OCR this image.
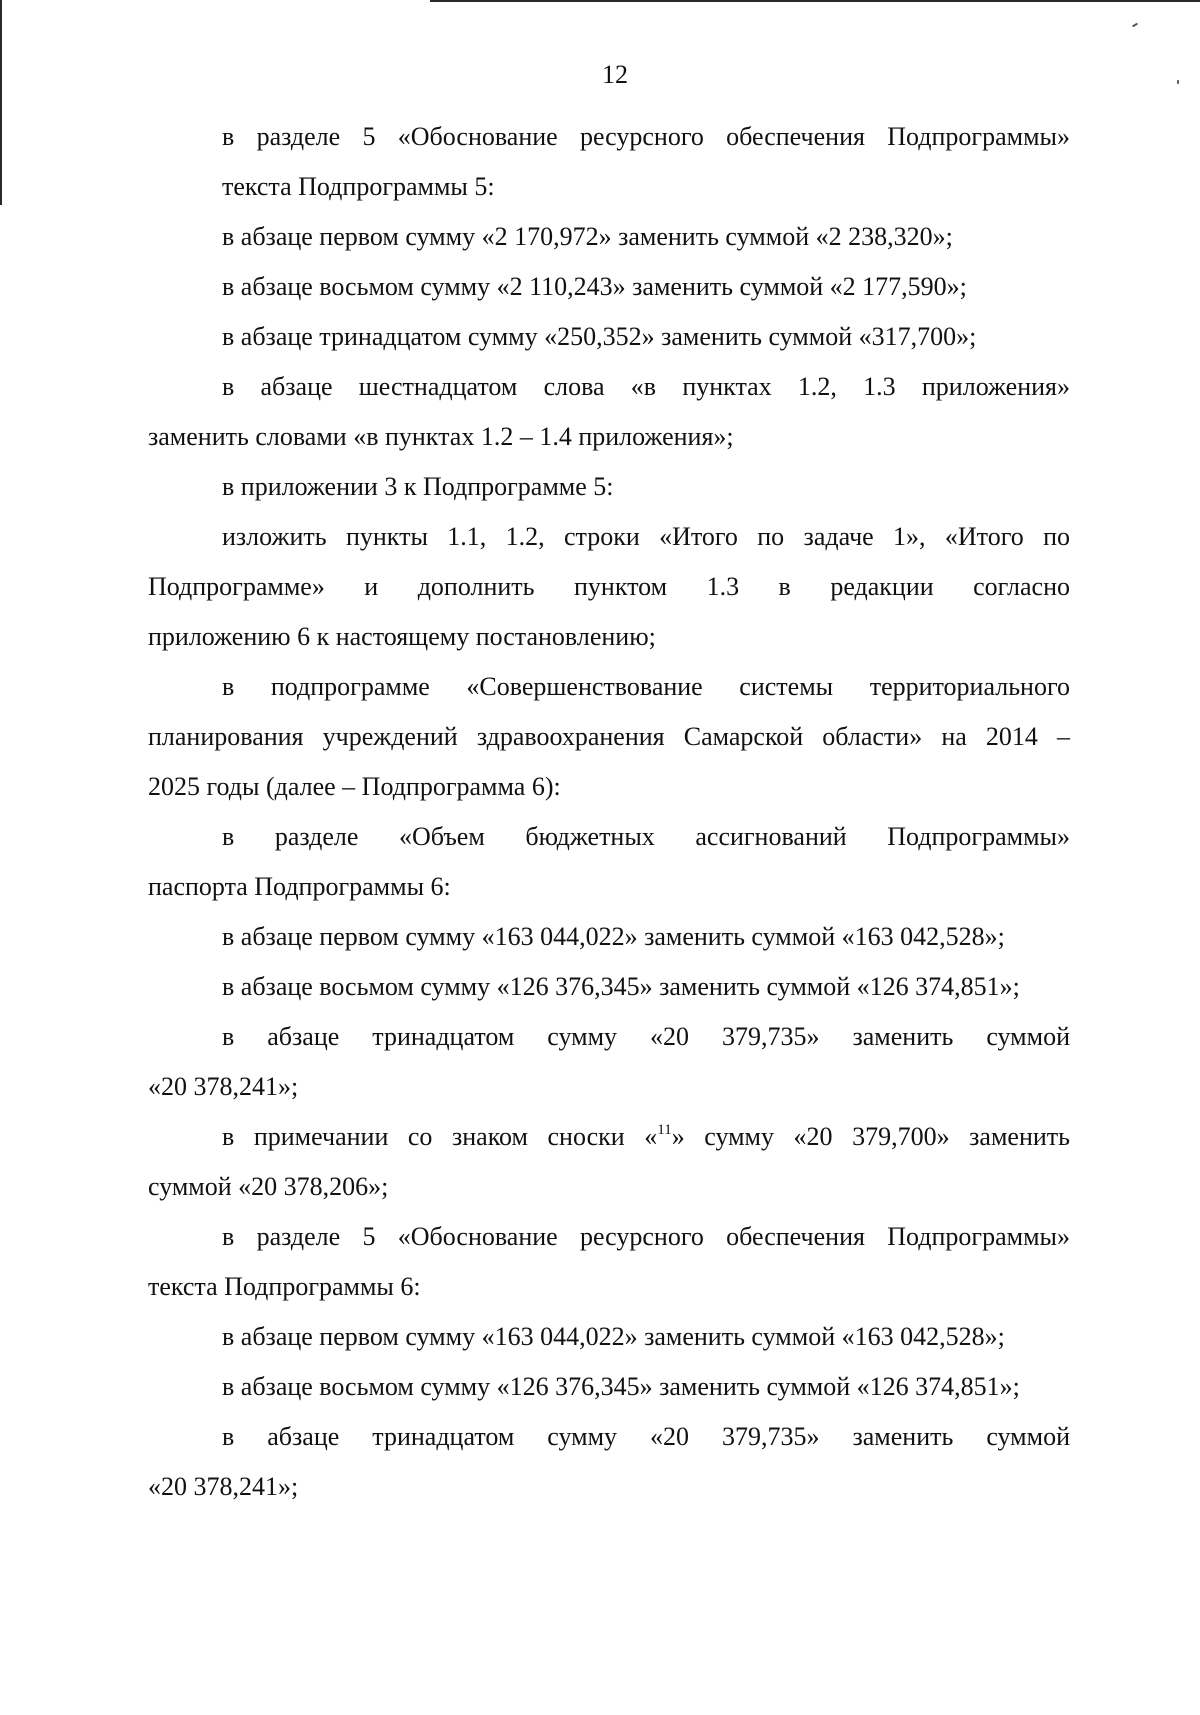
12
в разделе 5 «Обоснование ресурсного обеспечения Подпрограммы»
текста Подпрограммы 5:
в абзаце первом сумму «2 170,972» заменить суммой «2 238,320»;
в абзаце восьмом сумму «2 110,243» заменить суммой «2 177,590»;
в абзаце тринадцатом сумму «250,352» заменить суммой «317,700»;
в абзаце шестнадцатом слова «в пунктах 1.2, 1.3 приложения»
заменить словами «в пунктах 1.2 – 1.4 приложения»;
в приложении 3 к Подпрограмме 5:
изложить пункты 1.1, 1.2, строки «Итого по задаче 1», «Итого по
Подпрограмме» и дополнить пунктом 1.3 в редакции согласно
приложению 6 к настоящему постановлению;
в подпрограмме «Совершенствование системы территориального
планирования учреждений здравоохранения Самарской области» на 2014 –
2025 годы (далее – Подпрограмма 6):
в разделе «Объем бюджетных ассигнований Подпрограммы»
паспорта Подпрограммы 6:
в абзаце первом сумму «163 044,022» заменить суммой «163 042,528»;
в абзаце восьмом сумму «126 376,345» заменить суммой «126 374,851»;
в абзаце тринадцатом сумму «20 379,735» заменить суммой
«20 378,241»;
в примечании со знаком сноски «$^{11}$» сумму «20 379,700» заменить
суммой «20 378,206»;
в разделе 5 «Обоснование ресурсного обеспечения Подпрограммы»
текста Подпрограммы 6:
в абзаце первом сумму «163 044,022» заменить суммой «163 042,528»;
в абзаце восьмом сумму «126 376,345» заменить суммой «126 374,851»;
в абзаце тринадцатом сумму «20 379,735» заменить суммой
«20 378,241»;
